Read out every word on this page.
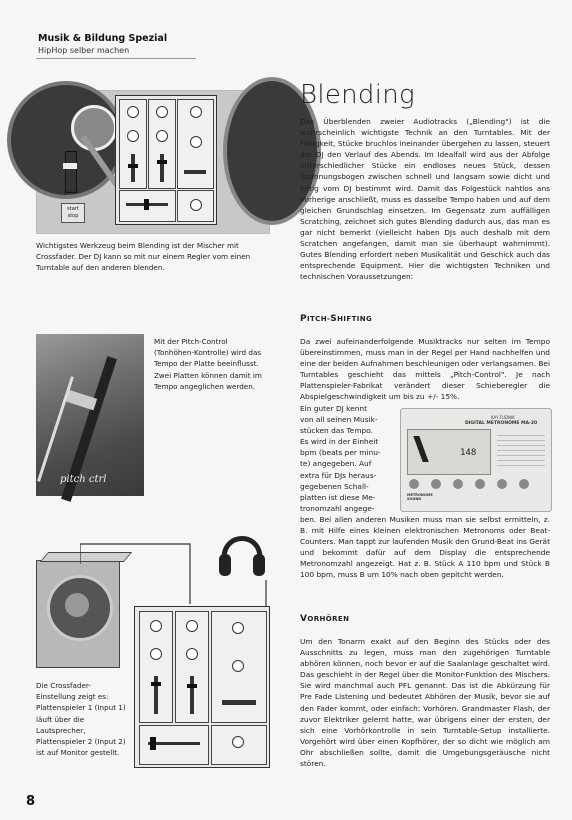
Musik & Bildung Spezial
HipHop selber machen
pitch
start stop
Wichtigstes Werkzeug beim Blending ist der Mischer mit Crossfader. Der DJ kann so mit nur einem Regler vom einen Turntable auf den anderen blenden.
pitch ctrl
Mit der Pitch-Control (Tonhöhen-Kontrolle) wird das Tempo der Platte beeinflusst. Zwei Platten können damit im Tempo angeglichen werden.
Die Crossfader-Einstellung zeigt es: Plattenspieler 1 (Input 1) läuft über die Lautsprecher, Plattenspieler 2 (Input 2) ist auf Monitor gestellt.
Blending
Das Überblenden zweier Audiotracks („Blending") ist die wahrscheinlich wichtigste Technik an den Turntables. Mit der Fähigkeit, Stücke bruchlos ineinander übergehen zu lassen, steuert der DJ den Verlauf des Abends. Im Idealfall wird aus der Abfolge unterschiedlicher Stücke ein endloses neues Stück, dessen Spannungsbogen zwischen schnell und langsam sowie dicht und luftig vom DJ bestimmt wird. Damit das Folgestück nahtlos ans Vorherige anschließt, muss es dasselbe Tempo haben und auf dem gleichen Grundschlag einsetzen. Im Gegensatz zum auffälligen Scratching, zeichnet sich gutes Blending dadurch aus, das man es gar nicht bemerkt (vielleicht haben DJs auch deshalb mit dem Scratchen angefangen, damit man sie überhaupt wahrnimmt). Gutes Blending erfordert neben Musikalität und Geschick auch das entsprechende Equipment. Hier die wichtigsten Techniken und technischen Voraussetzungen:
PITCH-SHIFTING
Da zwei aufeinanderfolgende Musiktracks nur selten im Tempo übereinstimmen, muss man in der Regel per Hand nachhelfen und eine der beiden Aufnahmen beschleunigen oder verlangsamen. Bei Turntables geschieht das mittels „Pitch-Control". Je nach Plattenspieler-Fabrikat verändert dieser Schieberegler die Abspielgeschwindigkeit um bis zu +/- 15%.
Ein guter DJ kennt
von all seinen Musik-
stücken das Tempo.
Es wird in der Einheit
bpm (beats per minu-
te) angegeben. Auf
extra für DJs heraus-
gegebenen Schall-
platten ist diese Me-
tronomzahl angege-
KAY FUDNIK
DIGITAL METRONOME MA-20
148
METRONOME SOUND
ben. Bei allen anderen Musiken muss man sie selbst ermitteln, z. B. mit Hilfe eines kleinen elektronischen Metronoms oder Beat-Counters. Man tappt zur laufenden Musik den Grund-Beat ins Gerät und bekommt dafür auf dem Display die entsprechende Metronomzahl angezeigt. Hat z. B. Stück A 110 bpm und Stück B 100 bpm, muss B um 10% nach oben gepitcht werden.
VORHÖREN
Um den Tonarm exakt auf den Beginn des Stücks oder des Ausschnitts zu legen, muss man den zugehörigen Turntable abhören können, noch bevor er auf die Saalanlage geschaltet wird. Das geschieht in der Regel über die Monitor-Funktion des Mischers. Sie wird manchmal auch PFL genannt. Das ist die Abkürzung für Pre Fade Listening und bedeutet Abhören der Musik, bevor sie auf den Fader kommt, oder einfach: Vorhören. Grandmaster Flash, der zuvor Elektriker gelernt hatte, war übrigens einer der ersten, der sich eine Vorhörkontrolle in sein Turntable-Setup installierte. Vorgehört wird über einen Kopfhörer, der so dicht wie möglich am Ohr abschließen sollte, damit die Umgebungsgeräusche nicht stören.
8
